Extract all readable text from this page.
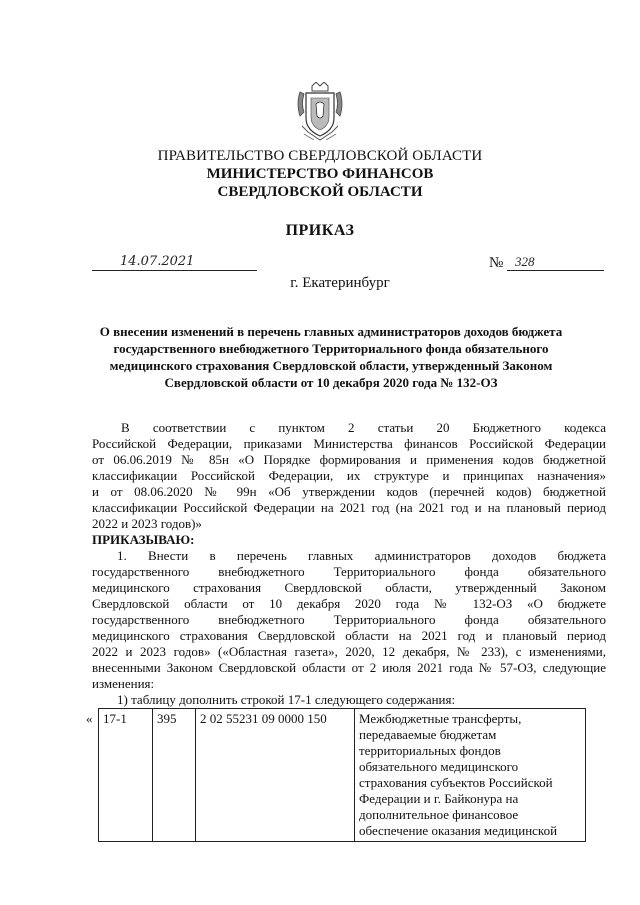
ПРАВИТЕЛЬСТВО СВЕРДЛОВСКОЙ ОБЛАСТИ
МИНИСТЕРСТВО ФИНАНСОВ
СВЕРДЛОВСКОЙ ОБЛАСТИ
ПРИКАЗ
14.07.2021	№ 328
г. Екатеринбург
О внесении изменений в перечень главных администраторов доходов бюджета
государственного внебюджетного Территориального фонда обязательного
медицинского страхования Свердловской области, утвержденный Законом
Свердловской области от 10 декабря 2020 года № 132-ОЗ
В соответствии с пунктом 2 статьи 20 Бюджетного кодекса
Российской Федерации, приказами Министерства финансов Российской Федерации
от 06.06.2019 № 85н «О Порядке формирования и применения кодов бюджетной
классификации Российской Федерации, их структуре и принципах назначения»
и от 08.06.2020 № 99н «Об утверждении кодов (перечней кодов) бюджетной
классификации Российской Федерации на 2021 год (на 2021 год и на плановый период
2022 и 2023 годов)»
ПРИКАЗЫВАЮ:
1. Внести в перечень главных администраторов доходов бюджета
государственного внебюджетного Территориального фонда обязательного
медицинского страхования Свердловской области, утвержденный Законом
Свердловской области от 10 декабря 2020 года № 132-ОЗ «О бюджете
государственного внебюджетного Территориального фонда обязательного
медицинского страхования Свердловской области на 2021 год и плановый период
2022 и 2023 годов» («Областная газета», 2020, 12 декабря, № 233), с изменениями,
внесенными Законом Свердловской области от 2 июля 2021 года № 57-ОЗ, следующие
изменения:
1) таблицу дополнить строкой 17-1 следующего содержания:
«	17-1	395	2 02 55231 09 0000 150	Межбюджетные трансферты,
передаваемые бюджетам
территориальных фондов
обязательного медицинского
страхования субъектов Российской
Федерации и г. Байконура на
дополнительное финансовое
обеспечение оказания медицинской
